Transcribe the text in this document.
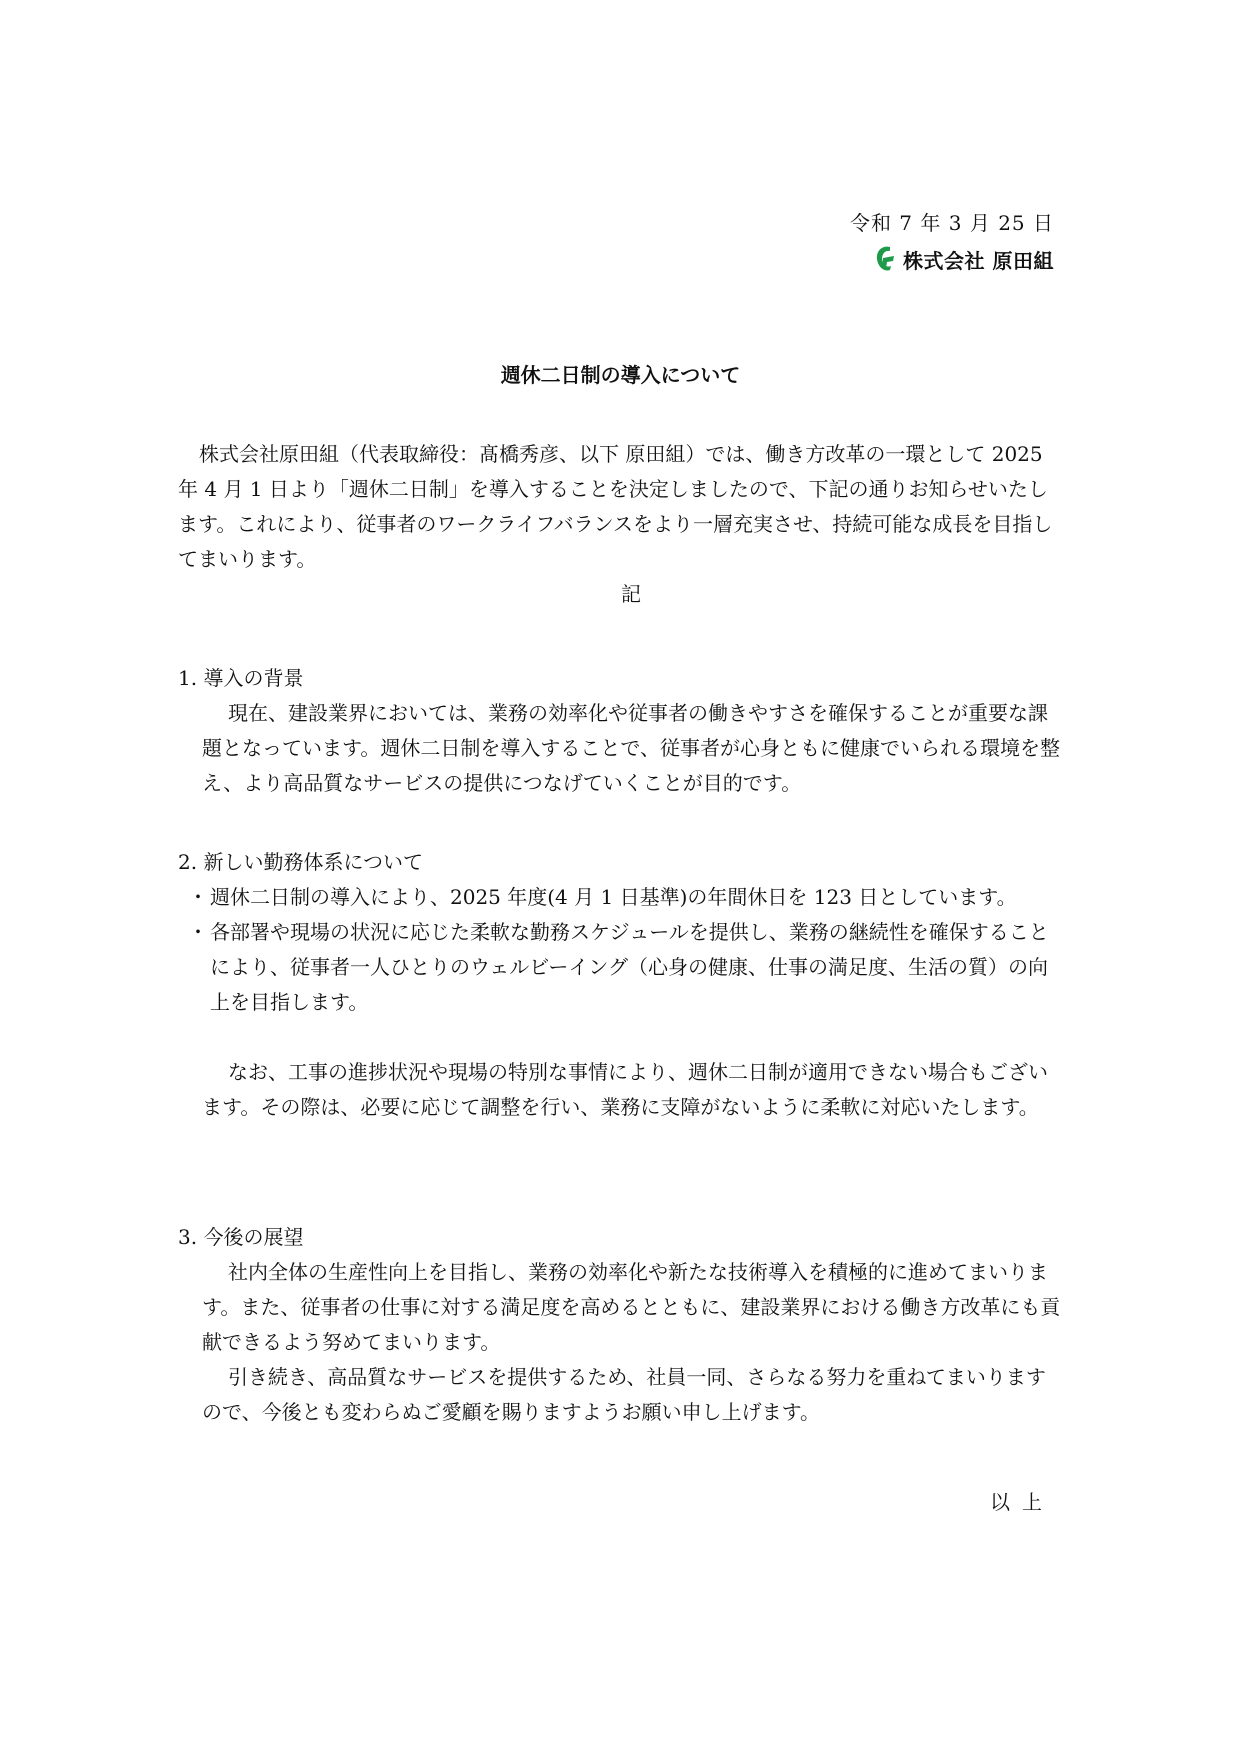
令和 7 年 3 月 25 日
株式会社 原田組
週休二日制の導入について

株式会社原田組（代表取締役：髙橋秀彦、以下 原田組）では、働き方改革の一環として 2025 年 4 月 1 日より「週休二日制」を導入することを決定しましたので、下記の通りお知らせいたします。これにより、従事者のワークライフバランスをより一層充実させ、持続可能な成長を目指してまいります。

記

1. 導入の背景

現在、建設業界においては、業務の効率化や従事者の働きやすさを確保することが重要な課題となっています。週休二日制を導入することで、従事者が心身ともに健康でいられる環境を整え、より高品質なサービスの提供につなげていくことが目的です。

2. 新しい勤務体系について

・ 週休二日制の導入により、2025 年度(4 月 1 日基準)の年間休日を 123 日としています。
・ 各部署や現場の状況に応じた柔軟な勤務スケジュールを提供し、業務の継続性を確保することにより、従事者一人ひとりのウェルビーイング（心身の健康、仕事の満足度、生活の質）の向上を目指します。

なお、工事の進捗状況や現場の特別な事情により、週休二日制が適用できない場合もございます。その際は、必要に応じて調整を行い、業務に支障がないように柔軟に対応いたします。

3. 今後の展望

社内全体の生産性向上を目指し、業務の効率化や新たな技術導入を積極的に進めてまいります。また、従事者の仕事に対する満足度を高めるとともに、建設業界における働き方改革にも貢献できるよう努めてまいります。

引き続き、高品質なサービスを提供するため、社員一同、さらなる努力を重ねてまいりますので、今後とも変わらぬご愛顧を賜りますようお願い申し上げます。

以上
